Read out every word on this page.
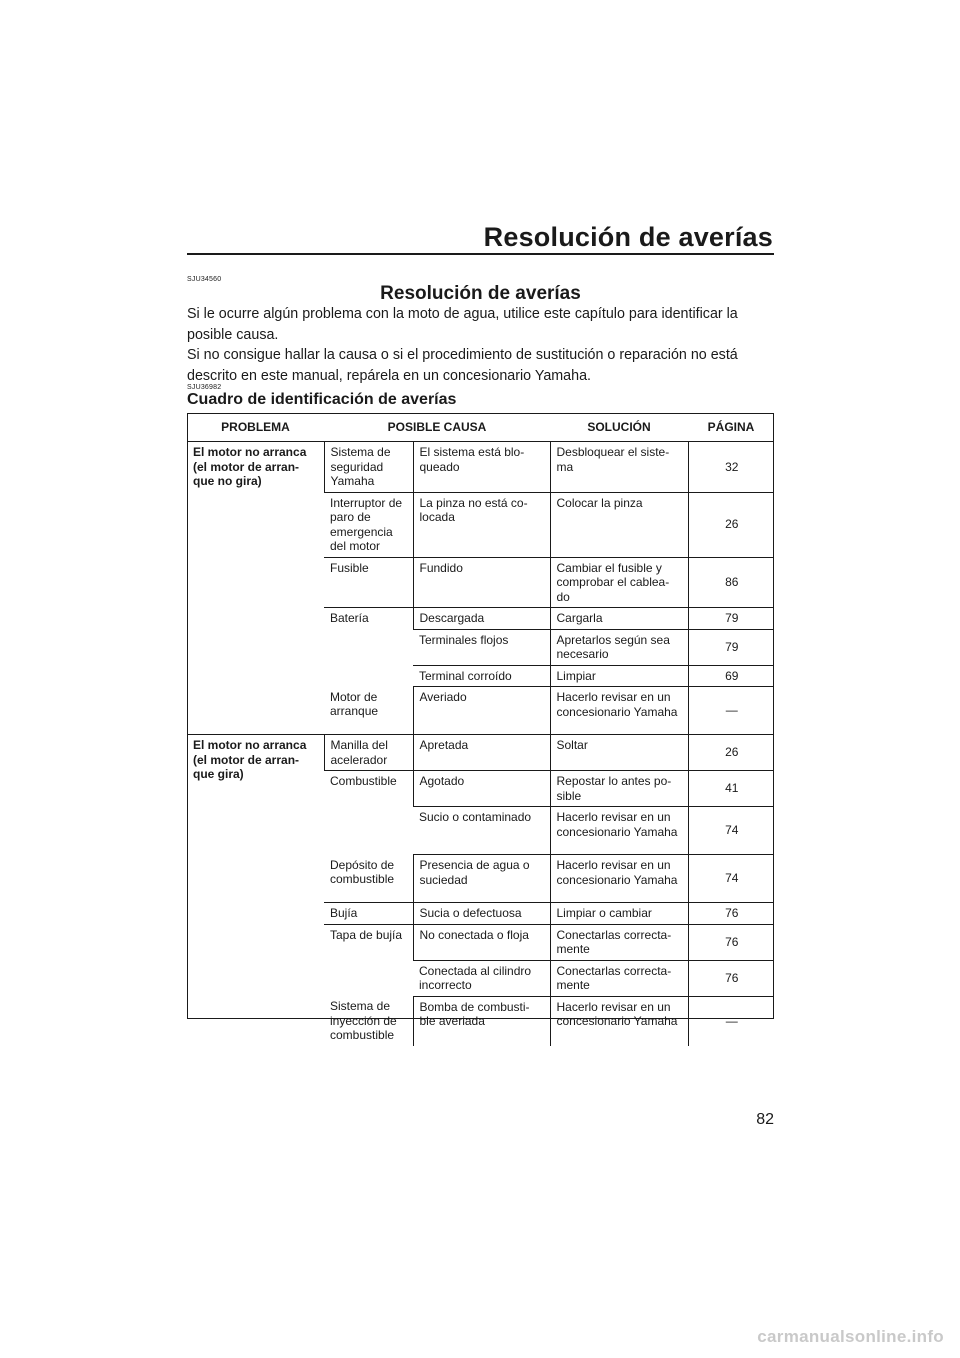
Resolución de averías
SJU34560
Resolución de averías

Si le ocurre algún problema con la moto de agua, utilice este capítulo para identificar la posible causa.

Si no consigue hallar la causa o si el procedimiento de sustitución o reparación no está descrito en este manual, repárela en un concesionario Yamaha.

SJU36982
Cuadro de identificación de averías
PROBLEMA	POSIBLE CAUSA		SOLUCIÓN	PÁGINA
El motor no arranca (el motor de arran-que no gira)	Sistema de seguridad Yamaha	El sistema está blo-queado	Desbloquear el siste-ma	32
	Interruptor de paro de emergencia del motor	La pinza no está co-locada	Colocar la pinza	26
	Fusible	Fundido	Cambiar el fusible y comprobar el cablea-do	86
	Batería	Descargada	Cargarla	79
		Terminales flojos	Apretarlos según sea necesario	79
		Terminal corroído	Limpiar	69
	Motor de arranque	Averiado	Hacerlo revisar en un concesionario Yamaha	—
El motor no arranca (el motor de arran-que gira)	Manilla del acelerador	Apretada	Soltar	26
	Combustible	Agotado	Repostar lo antes po-sible	41
		Sucio o contaminado	Hacerlo revisar en un concesionario Yamaha	74
	Depósito de combustible	Presencia de agua o suciedad	Hacerlo revisar en un concesionario Yamaha	74
	Bujía	Sucia o defectuosa	Limpiar o cambiar	76
	Tapa de bujía	No conectada o floja	Conectarlas correcta-mente	76
		Conectada al cilindro incorrecto	Conectarlas correcta-mente	76
	Sistema de inyección de combustible	Bomba de combusti-ble averiada	Hacerlo revisar en un concesionario Yamaha	—
82
carmanualsonline.info
